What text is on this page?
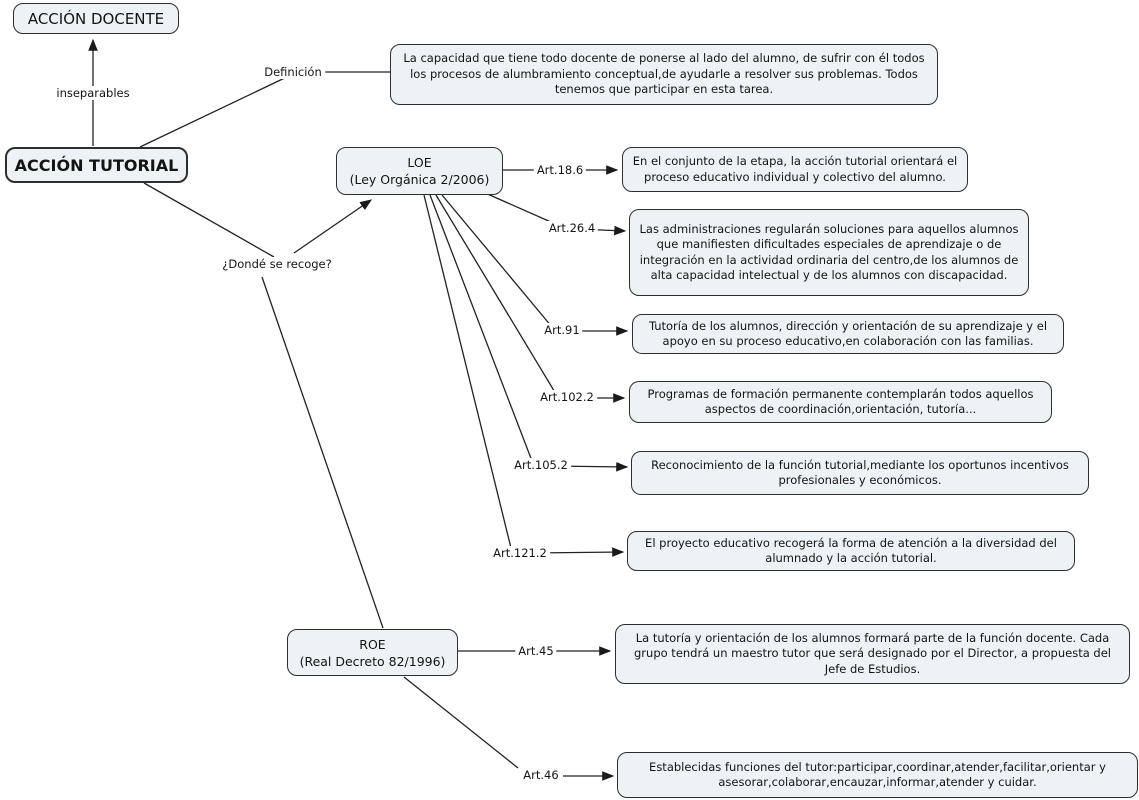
ACCIÓN DOCENTE
ACCIÓN TUTORIAL
La capacidad que tiene todo docente de ponerse al lado del alumno, de sufrir con él todos los procesos de alumbramiento conceptual,de ayudarle a resolver sus problemas. Todos tenemos que participar en esta tarea.
LOE
(Ley Orgánica 2/2006)
En el conjunto de la etapa, la acción tutorial orientará el proceso educativo individual y colectivo del alumno.
Las administraciones regularán soluciones para aquellos alumnos que manifiesten dificultades especiales de aprendizaje o de integración en la actividad ordinaria del centro,de los alumnos de alta capacidad intelectual y de los alumnos con discapacidad.
Tutoría de los alumnos, dirección y orientación de su aprendizaje y el apoyo en su proceso educativo,en colaboración con las familias.
Programas de formación permanente contemplarán todos aquellos aspectos de coordinación,orientación, tutoría...
Reconocimiento de la función tutorial,mediante los oportunos incentivos profesionales y económicos.
El proyecto educativo recogerá la forma de atención a la diversidad del alumnado y la acción tutorial.
ROE
(Real Decreto 82/1996)
La tutoría y orientación de los alumnos formará parte de la función docente. Cada grupo tendrá un maestro tutor que será designado por el Director, a propuesta del Jefe de Estudios.
Establecidas funciones del tutor:participar,coordinar,atender,facilitar,orientar y asesorar,colaborar,encauzar,informar,atender y cuidar.
inseparables
Definición
¿Dondé se recoge?
Art.18.6
Art.26.4
Art.91
Art.102.2
Art.105.2
Art.121.2
Art.45
Art.46
